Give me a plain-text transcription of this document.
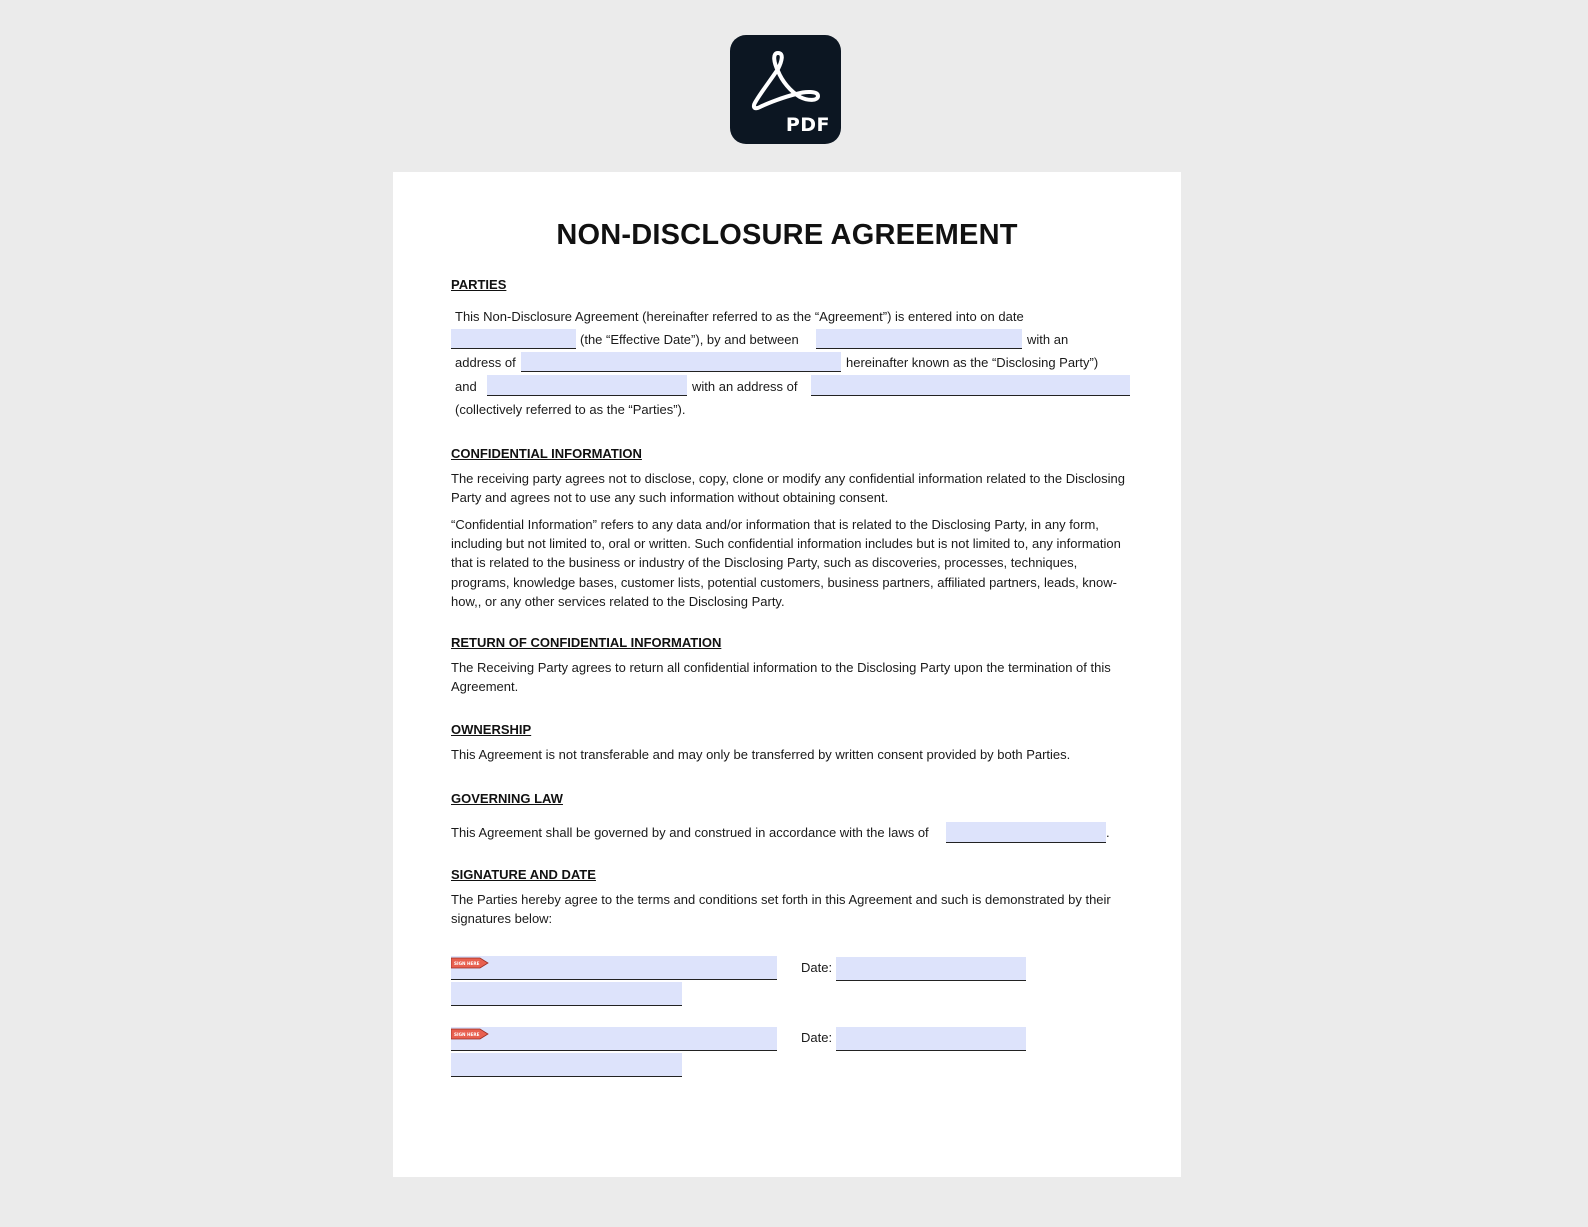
PDF
NON-DISCLOSURE AGREEMENT
PARTIES
This Non-Disclosure Agreement (hereinafter referred to as the “Agreement”) is entered into on date
(the “Effective Date”), by and between	with an
address of	hereinafter known as the “Disclosing Party”)
and	with an address of
(collectively referred to as the “Parties”).
CONFIDENTIAL INFORMATION
The receiving party agrees not to disclose, copy, clone or modify any confidential information related to the Disclosing Party and agrees not to use any such information without obtaining consent.
“Confidential Information” refers to any data and/or information that is related to the Disclosing Party, in any form, including but not limited to, oral or written. Such confidential information includes but is not limited to, any information that is related to the business or industry of the Disclosing Party, such as discoveries, processes, techniques, programs, knowledge bases, customer lists, potential customers, business partners, affiliated partners, leads, know-how,, or any other services related to the Disclosing Party.
RETURN OF CONFIDENTIAL INFORMATION
The Receiving Party agrees to return all confidential information to the Disclosing Party upon the termination of this Agreement.
OWNERSHIP
This Agreement is not transferable and may only be transferred by written consent provided by both Parties.
GOVERNING LAW
This Agreement shall be governed by and construed in accordance with the laws of	.
SIGNATURE AND DATE
The Parties hereby agree to the terms and conditions set forth in this Agreement and such is demonstrated by their signatures below:
SIGN HERE	Date:
SIGN HERE	Date:
